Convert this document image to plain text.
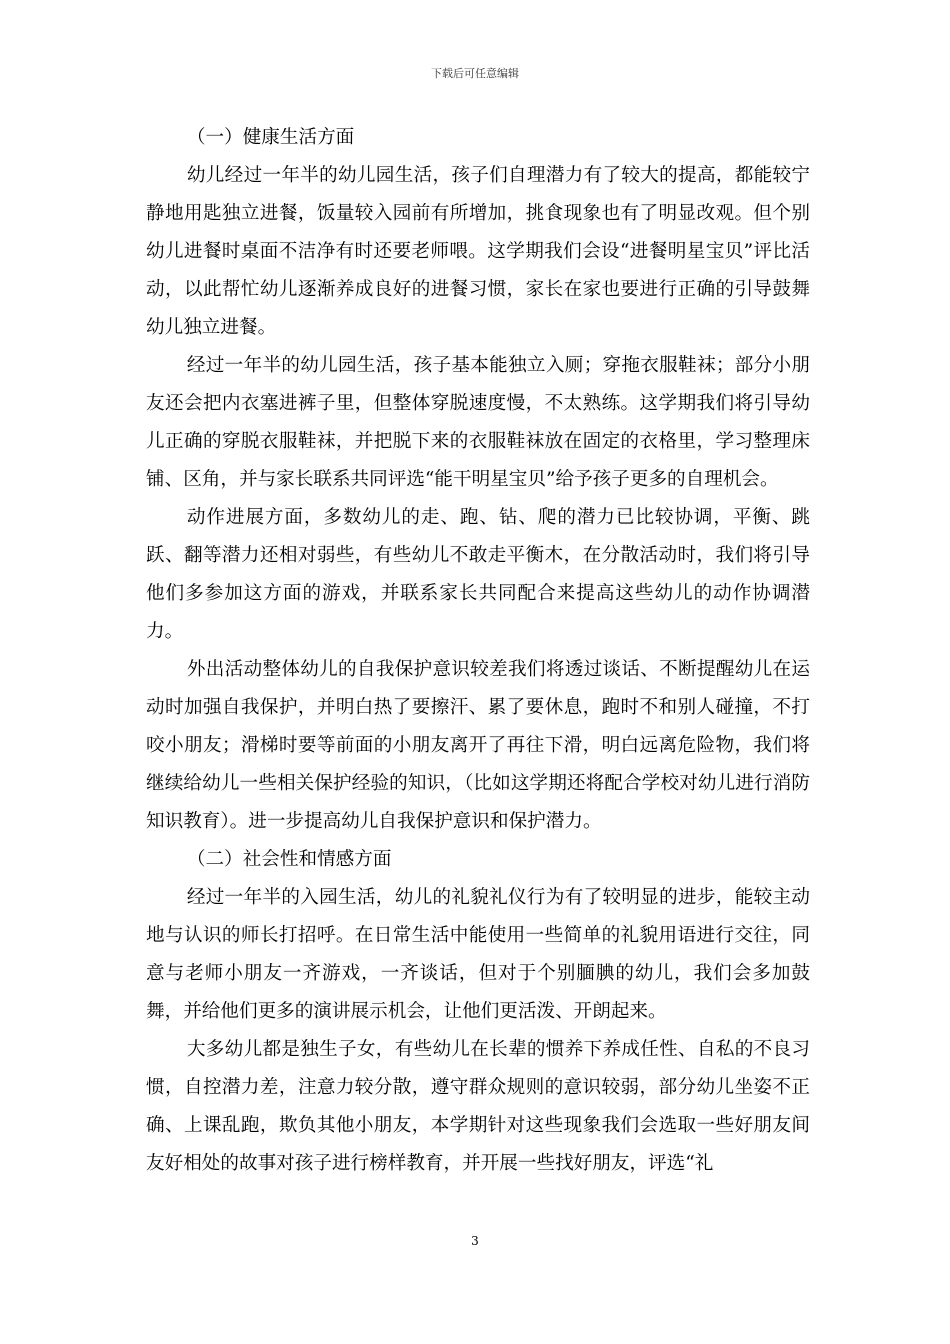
下载后可任意编辑

（一）健康生活方面

幼儿经过一年半的幼儿园生活，孩子们自理潜力有了较大的提高，都能较宁静地用匙独立进餐，饭量较入园前有所增加，挑食现象也有了明显改观。但个别幼儿进餐时桌面不洁净有时还要老师喂。这学期我们会设“进餐明星宝贝”评比活动，以此帮忙幼儿逐渐养成良好的进餐习惯，家长在家也要进行正确的引导鼓舞幼儿独立进餐。

经过一年半的幼儿园生活，孩子基本能独立入厕；穿拖衣服鞋袜；部分小朋友还会把内衣塞进裤子里，但整体穿脱速度慢，不太熟练。这学期我们将引导幼儿正确的穿脱衣服鞋袜，并把脱下来的衣服鞋袜放在固定的衣格里，学习整理床铺、区角，并与家长联系共同评选“能干明星宝贝”给予孩子更多的自理机会。

动作进展方面，多数幼儿的走、跑、钻、爬的潜力已比较协调，平衡、跳跃、翻等潜力还相对弱些，有些幼儿不敢走平衡木，在分散活动时，我们将引导他们多参加这方面的游戏，并联系家长共同配合来提高这些幼儿的动作协调潜力。

外出活动整体幼儿的自我保护意识较差我们将透过谈话、不断提醒幼儿在运动时加强自我保护，并明白热了要擦汗、累了要休息，跑时不和别人碰撞，不打咬小朋友；滑梯时要等前面的小朋友离开了再往下滑，明白远离危险物，我们将继续给幼儿一些相关保护经验的知识，（比如这学期还将配合学校对幼儿进行消防知识教育）。进一步提高幼儿自我保护意识和保护潜力。

（二）社会性和情感方面

经过一年半的入园生活，幼儿的礼貌礼仪行为有了较明显的进步，能较主动地与认识的师长打招呼。在日常生活中能使用一些简单的礼貌用语进行交往，同意与老师小朋友一齐游戏，一齐谈话，但对于个别腼腆的幼儿，我们会多加鼓舞，并给他们更多的演讲展示机会，让他们更活泼、开朗起来。

大多幼儿都是独生子女，有些幼儿在长辈的惯养下养成任性、自私的不良习惯，自控潜力差，注意力较分散，遵守群众规则的意识较弱，部分幼儿坐姿不正确、上课乱跑，欺负其他小朋友，本学期针对这些现象我们会选取一些好朋友间友好相处的故事对孩子进行榜样教育，并开展一些找好朋友，评选“礼

3
